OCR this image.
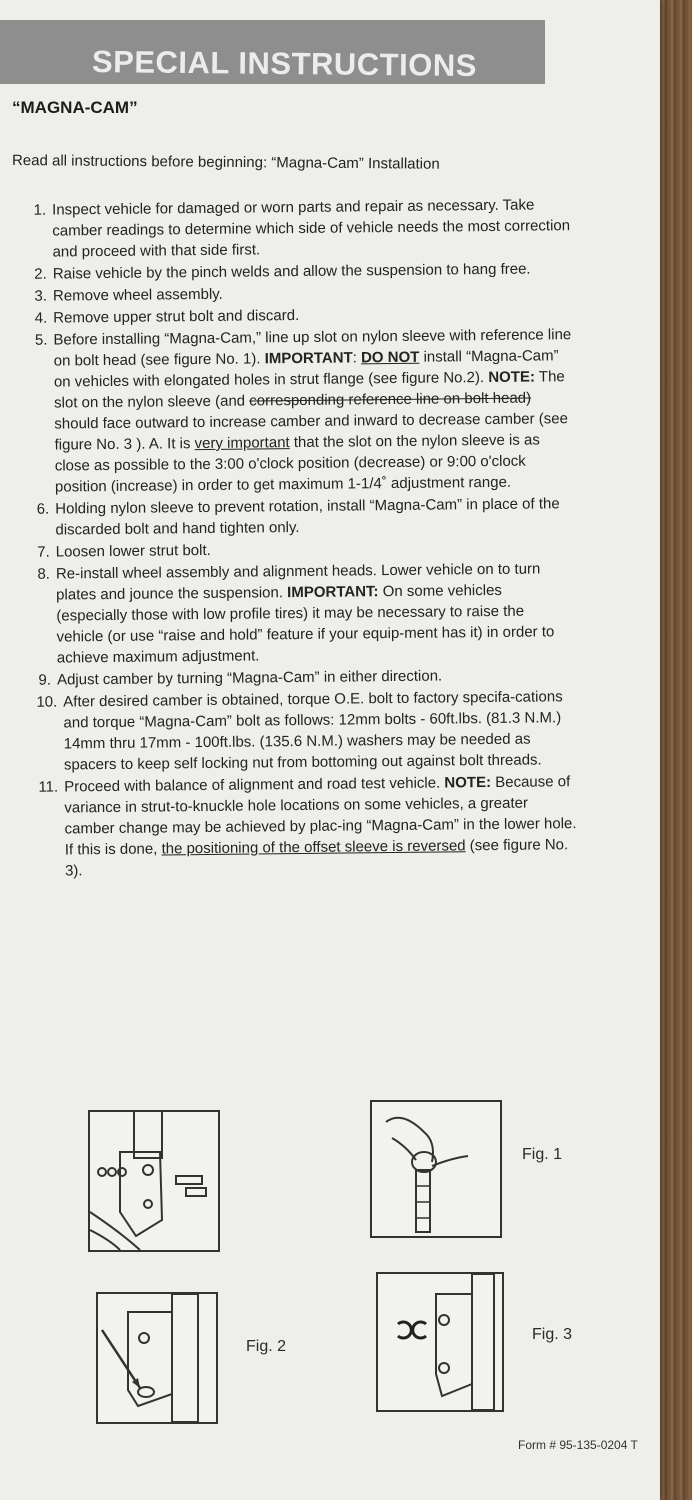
SPECIAL INSTRUCTIONS
“MAGNA-CAM”
Read all instructions before beginning: “Magna-Cam” Installation
1. Inspect vehicle for damaged or worn parts and repair as necessary. Take camber readings to determine which side of vehicle needs the most correction and proceed with that side first.
2. Raise vehicle by the pinch welds and allow the suspension to hang free.
3. Remove wheel assembly.
4. Remove upper strut bolt and discard.
5. Before installing “Magna-Cam,” line up slot on nylon sleeve with reference line on bolt head (see figure No. 1). IMPORTANT: DO NOT install “Magna-Cam” on vehicles with elongated holes in strut flange (see figure No.2). NOTE: The slot on the nylon sleeve (and corresponding reference line on bolt head) should face outward to increase camber and inward to decrease camber (see figure No. 3 ). A. It is very important that the slot on the nylon sleeve is as close as possible to the 3:00 o'clock position (decrease) or 9:00 o'clock position (increase) in order to get maximum 1-1/4˚ adjustment range.
6. Holding nylon sleeve to prevent rotation, install “Magna-Cam” in place of the discarded bolt and hand tighten only.
7. Loosen lower strut bolt.
8. Re-install wheel assembly and alignment heads. Lower vehicle on to turn plates and jounce the suspension. IMPORTANT: On some vehicles (especially those with low profile tires) it may be necessary to raise the vehicle (or use “raise and hold” feature if your equip-ment has it) in order to achieve maximum adjustment.
9. Adjust camber by turning “Magna-Cam” in either direction.
10. After desired camber is obtained, torque O.E. bolt to factory specifa-cations and torque “Magna-Cam” bolt as follows: 12mm bolts - 60ft.lbs. (81.3 N.M.) 14mm thru 17mm - 100ft.lbs. (135.6 N.M.) washers may be needed as spacers to keep self locking nut from bottoming out against bolt threads.
11. Proceed with balance of alignment and road test vehicle. NOTE: Because of variance in strut-to-knuckle hole locations on some vehicles, a greater camber change may be achieved by plac-ing “Magna-Cam” in the lower hole. If this is done, the positioning of the offset sleeve is reversed (see figure No. 3).
Fig. 1
Fig. 2
Fig. 3
Form # 95-135-0204 T
